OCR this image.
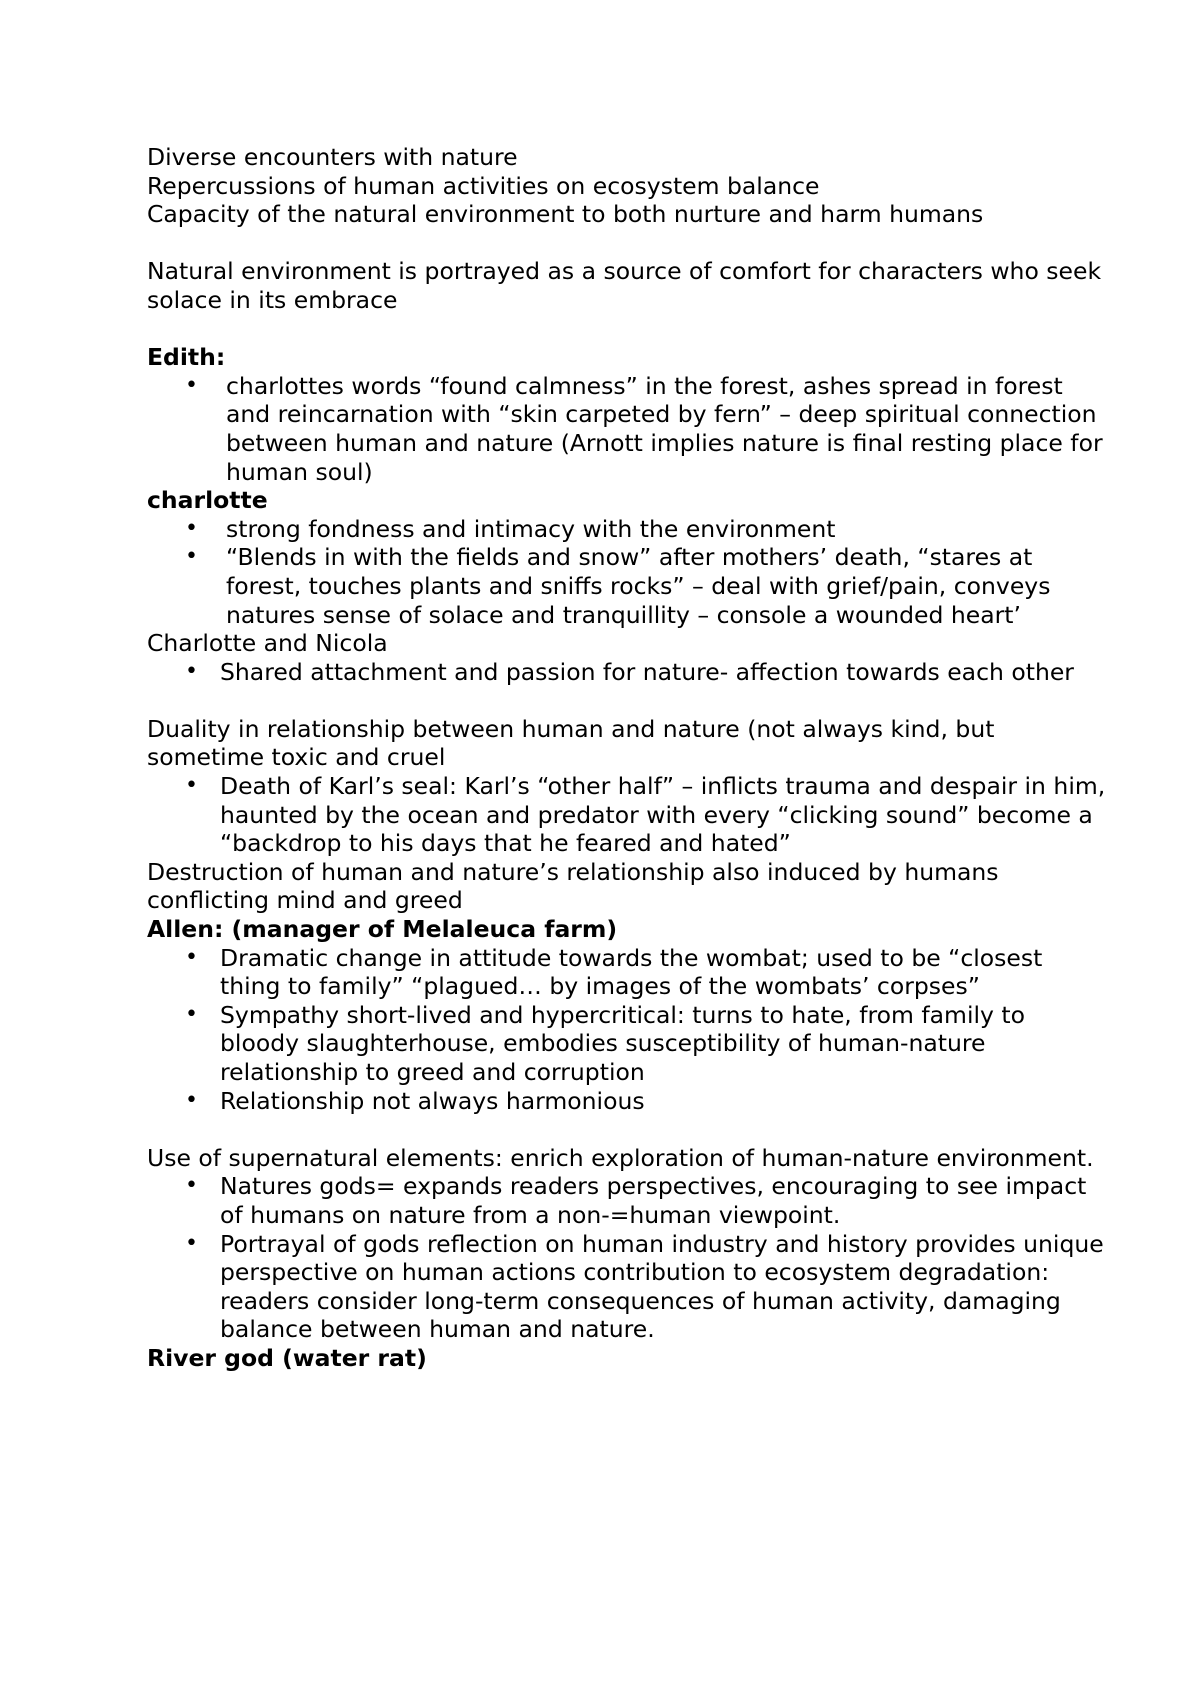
Diverse encounters with nature

Repercussions of human activities on ecosystem balance

Capacity of the natural environment to both nurture and harm humans

Natural environment is portrayed as a source of comfort for characters who seek solace in its embrace

Edith:

• charlottes words “found calmness” in the forest, ashes spread in forest and reincarnation with “skin carpeted by fern” – deep spiritual connection between human and nature (Arnott implies nature is final resting place for human soul)

charlotte

• strong fondness and intimacy with the environment
• “Blends in with the fields and snow” after mothers’ death, “stares at forest, touches plants and sniffs rocks” – deal with grief/pain, conveys natures sense of solace and tranquillity – console a wounded heart’

Charlotte and Nicola

• Shared attachment and passion for nature- affection towards each other

Duality in relationship between human and nature (not always kind, but sometime toxic and cruel

• Death of Karl’s seal: Karl’s “other half” – inflicts trauma and despair in him, haunted by the ocean and predator with every “clicking sound” become a “backdrop to his days that he feared and hated”

Destruction of human and nature’s relationship also induced by humans conflicting mind and greed

Allen: (manager of Melaleuca farm)

• Dramatic change in attitude towards the wombat; used to be “closest thing to family” “plagued… by images of the wombats’ corpses”
• Sympathy short-lived and hypercritical: turns to hate, from family to bloody slaughterhouse, embodies susceptibility of human-nature relationship to greed and corruption
• Relationship not always harmonious

Use of supernatural elements: enrich exploration of human-nature environment.

• Natures gods= expands readers perspectives, encouraging to see impact of humans on nature from a non-=human viewpoint.
• Portrayal of gods reflection on human industry and history provides unique perspective on human actions contribution to ecosystem degradation: readers consider long-term consequences of human activity, damaging balance between human and nature.

River god (water rat)
